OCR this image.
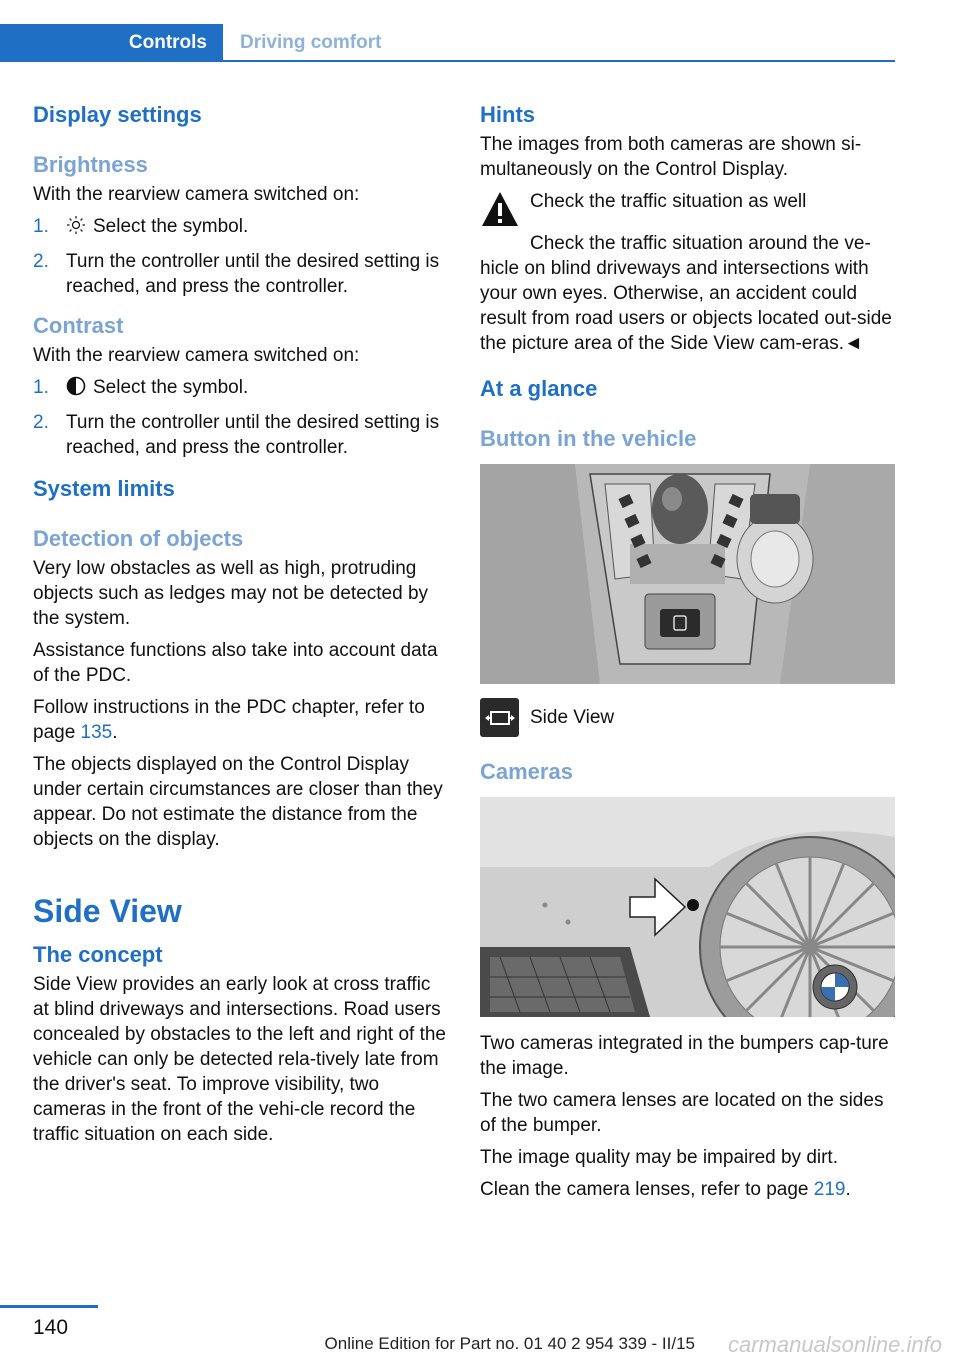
Controls	Driving comfort
Display settings
Brightness

With the rearview camera switched on:

1. Select the symbol.
2. Turn the controller until the desired setting is reached, and press the controller.
Contrast

With the rearview camera switched on:

1. Select the symbol.
2. Turn the controller until the desired setting is reached, and press the controller.
System limits
Detection of objects

Very low obstacles as well as high, protruding objects such as ledges may not be detected by the system.

Assistance functions also take into account data of the PDC.

Follow instructions in the PDC chapter, refer to page 135.

The objects displayed on the Control Display under certain circumstances are closer than they appear. Do not estimate the distance from the objects on the display.

Side View
The concept

Side View provides an early look at cross traffic at blind driveways and intersections. Road users concealed by obstacles to the left and right of the vehicle can only be detected rela-tively late from the driver's seat. To improve visibility, two cameras in the front of the vehi-cle record the traffic situation on each side.

Hints

The images from both cameras are shown si-multaneously on the Control Display.

Check the traffic situation as well

Check the traffic situation around the ve-hicle on blind driveways and intersections with your own eyes. Otherwise, an accident could result from road users or objects located out-side the picture area of the Side View cam-eras.◄

At a glance
Button in the vehicle
Side View
Cameras

Two cameras integrated in the bumpers cap-ture the image.

The two camera lenses are located on the sides of the bumper.

The image quality may be impaired by dirt.

Clean the camera lenses, refer to page 219.

140
Online Edition for Part no. 01 40 2 954 339 - II/15 carmanualsonline.info
